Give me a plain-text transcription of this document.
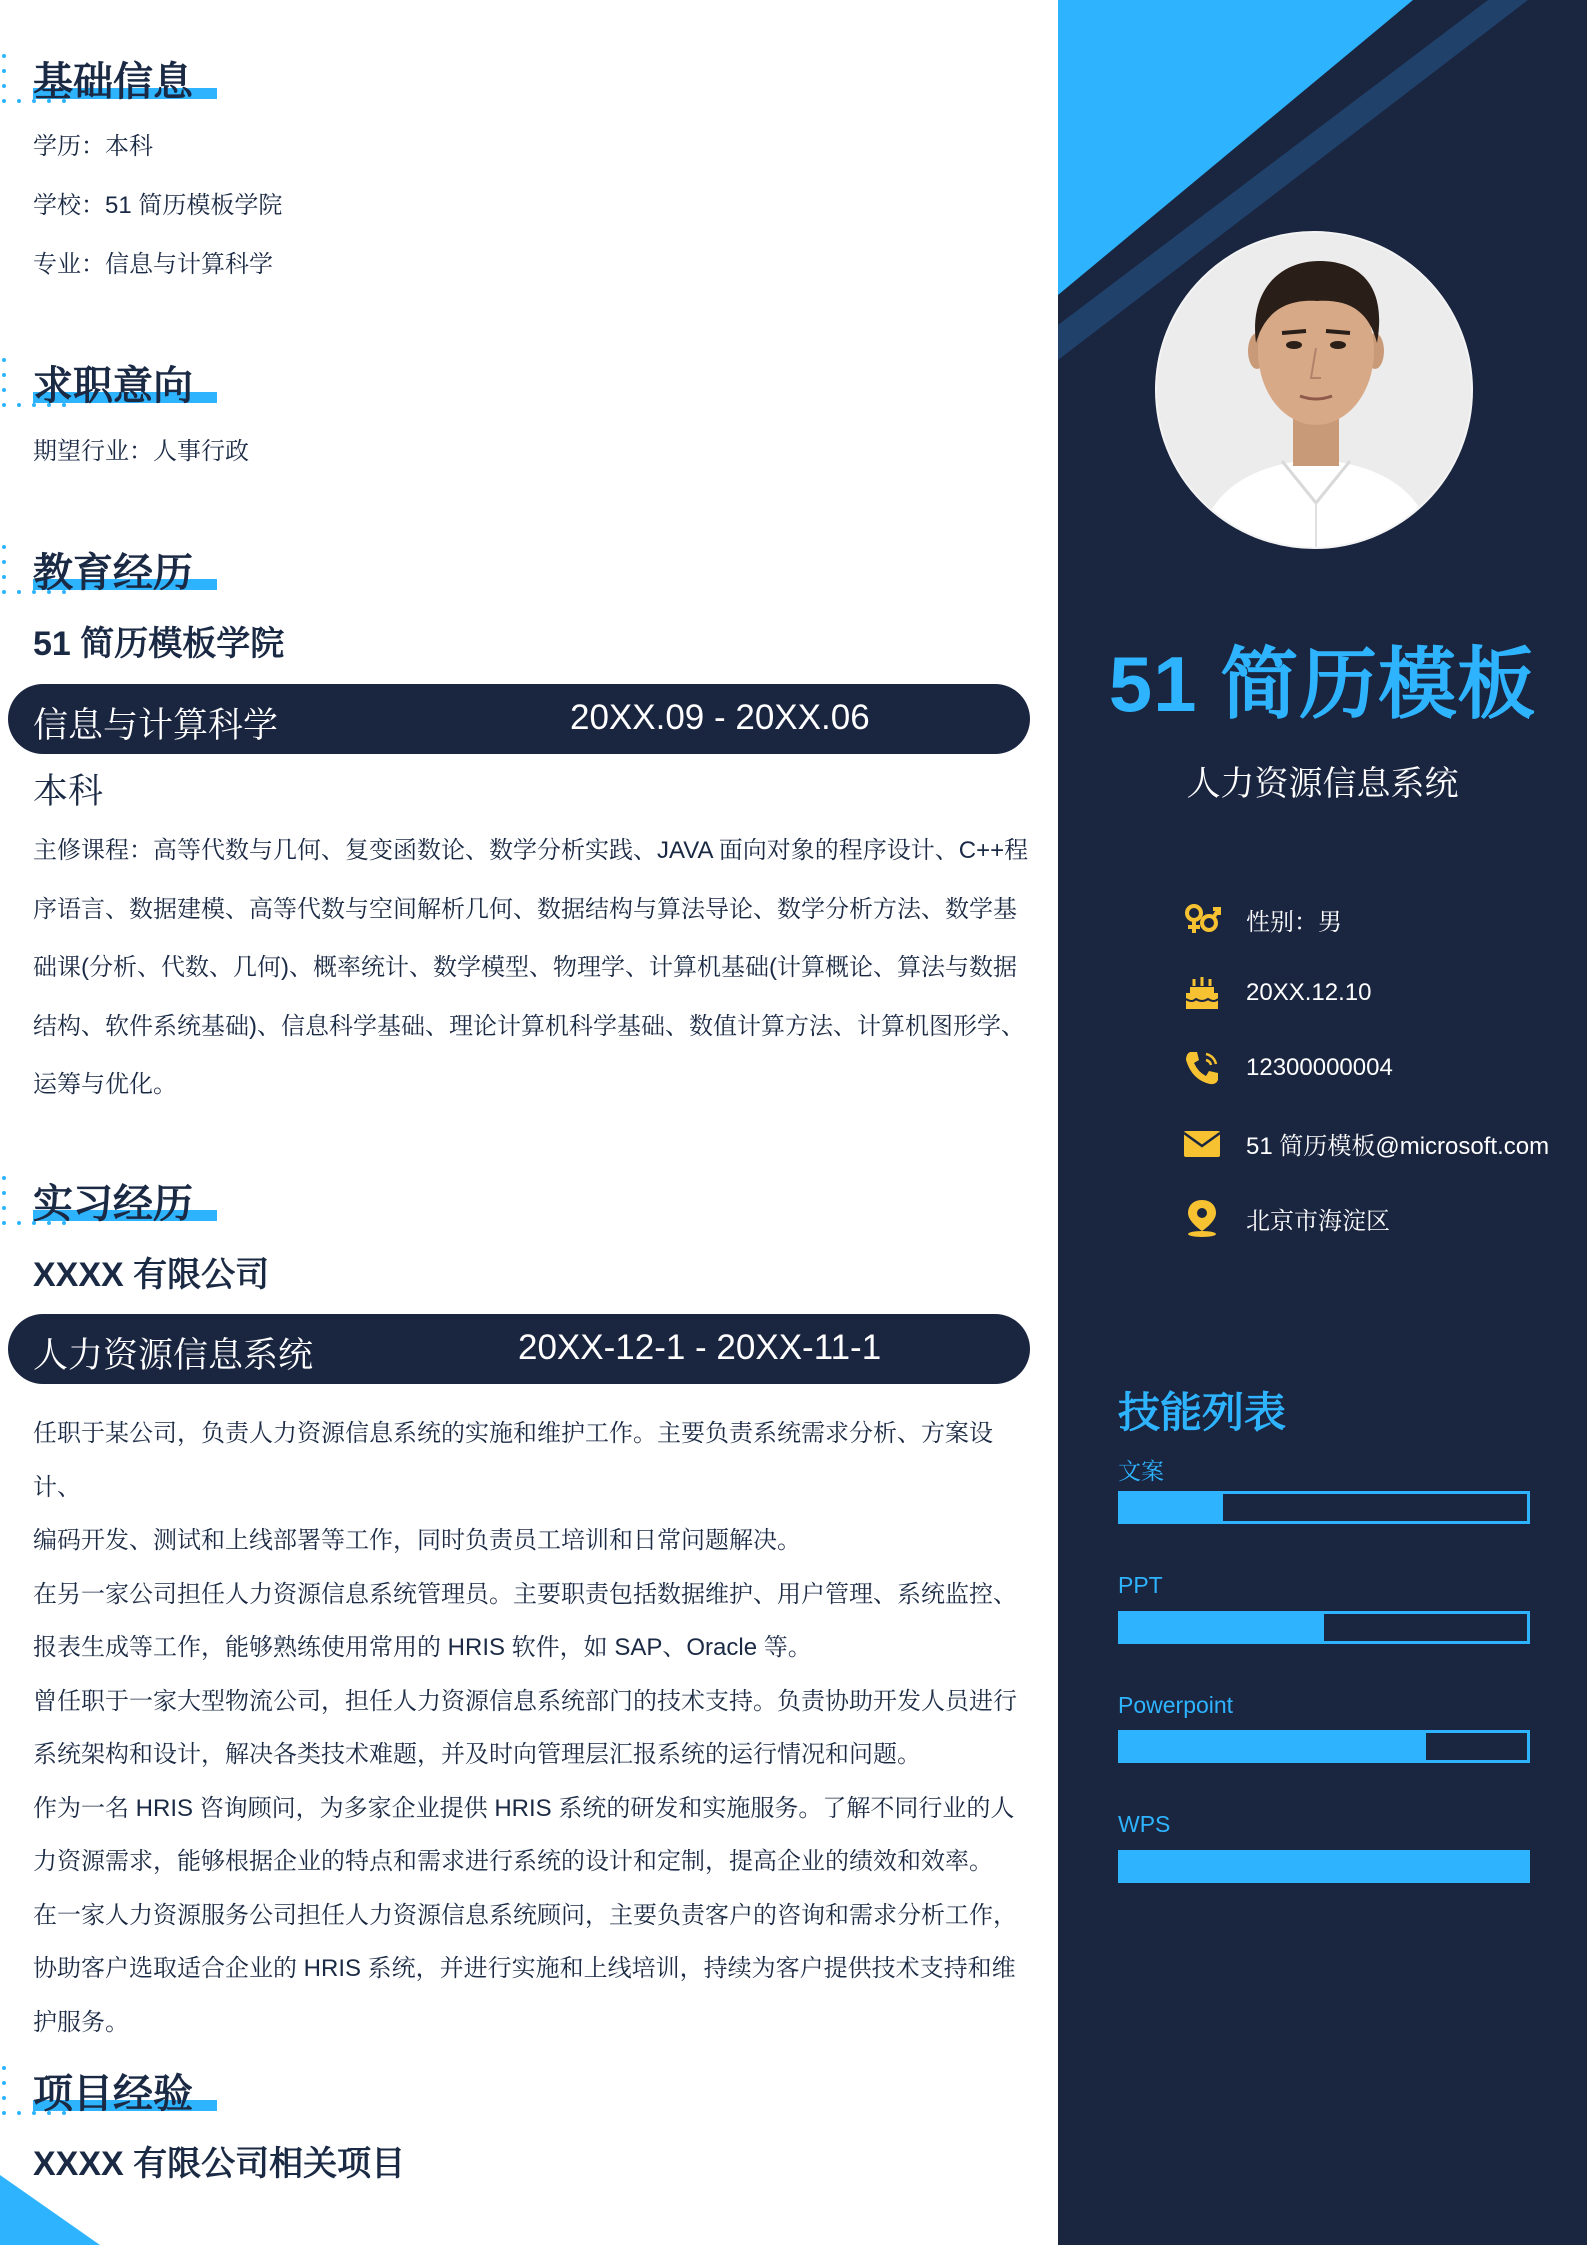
基础信息
学历：本科
学校：51 简历模板学院
专业：信息与计算科学
求职意向
期望行业：人事行政
教育经历
51 简历模板学院
信息与计算科学	20XX.09 - 20XX.06
本科

主修课程：高等代数与几何、复变函数论、数学分析实践、JAVA 面向对象的程序设计、C++程

序语言、数据建模、高等代数与空间解析几何、数据结构与算法导论、数学分析方法、数学基

础课(分析、代数、几何)、概率统计、数学模型、物理学、计算机基础(计算概论、算法与数据

结构、软件系统基础)、信息科学基础、理论计算机科学基础、数值计算方法、计算机图形学、

运筹与优化。

实习经历
XXXX 有限公司
人力资源信息系统	20XX-12-1 - 20XX-11-1

任职于某公司，负责人力资源信息系统的实施和维护工作。主要负责系统需求分析、方案设计、

编码开发、测试和上线部署等工作，同时负责员工培训和日常问题解决。

在另一家公司担任人力资源信息系统管理员。主要职责包括数据维护、用户管理、系统监控、

报表生成等工作，能够熟练使用常用的 HRIS 软件，如 SAP、Oracle 等。

曾任职于一家大型物流公司，担任人力资源信息系统部门的技术支持。负责协助开发人员进行

系统架构和设计，解决各类技术难题，并及时向管理层汇报系统的运行情况和问题。

作为一名 HRIS 咨询顾问，为多家企业提供 HRIS 系统的研发和实施服务。了解不同行业的人

力资源需求，能够根据企业的特点和需求进行系统的设计和定制，提高企业的绩效和效率。

在一家人力资源服务公司担任人力资源信息系统顾问，主要负责客户的咨询和需求分析工作，

协助客户选取适合企业的 HRIS 系统，并进行实施和上线培训，持续为客户提供技术支持和维

护服务。

项目经验
XXXX 有限公司相关项目
51 简历模板
人力资源信息系统
性别：男
20XX.12.10
12300000004
51 简历模板@microsoft.com
北京市海淀区
技能列表
文案
PPT
Powerpoint
WPS
